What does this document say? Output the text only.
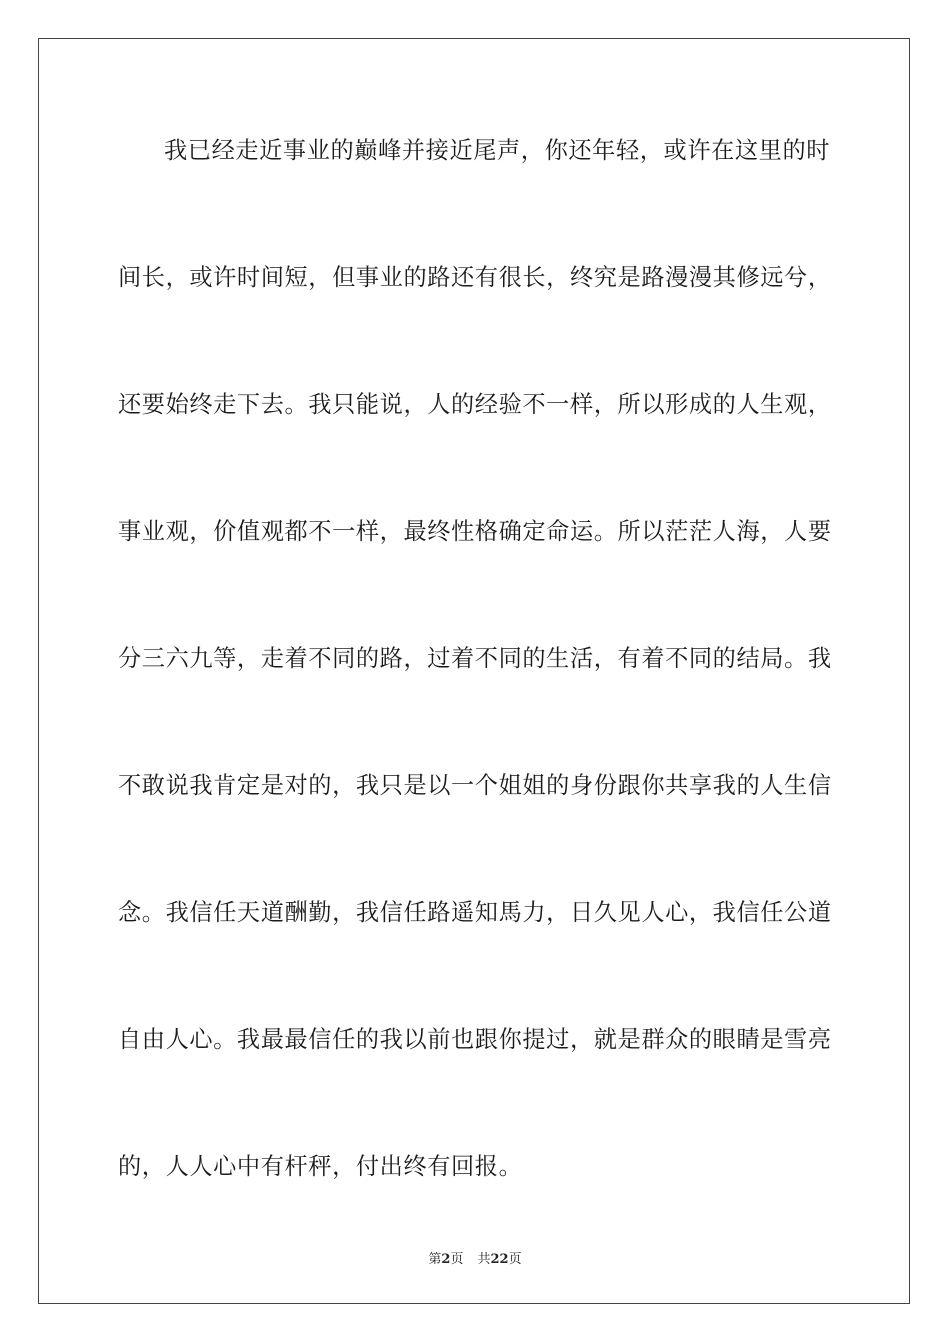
我已经走近事业的巅峰并接近尾声，你还年轻，或许在这里的时
间长，或许时间短，但事业的路还有很长，终究是路漫漫其修远兮，
还要始终走下去。我只能说，人的经验不一样，所以形成的人生观，
事业观，价值观都不一样，最终性格确定命运。所以茫茫人海，人要
分三六九等，走着不同的路，过着不同的生活，有着不同的结局。我
不敢说我肯定是对的，我只是以一个姐姐的身份跟你共享我的人生信
念。我信任天道酬勤，我信任路遥知馬力，日久见人心，我信任公道
自由人心。我最最信任的我以前也跟你提过，就是群众的眼睛是雪亮
的，人人心中有杆秤，付出终有回报。
第2页 共22页
